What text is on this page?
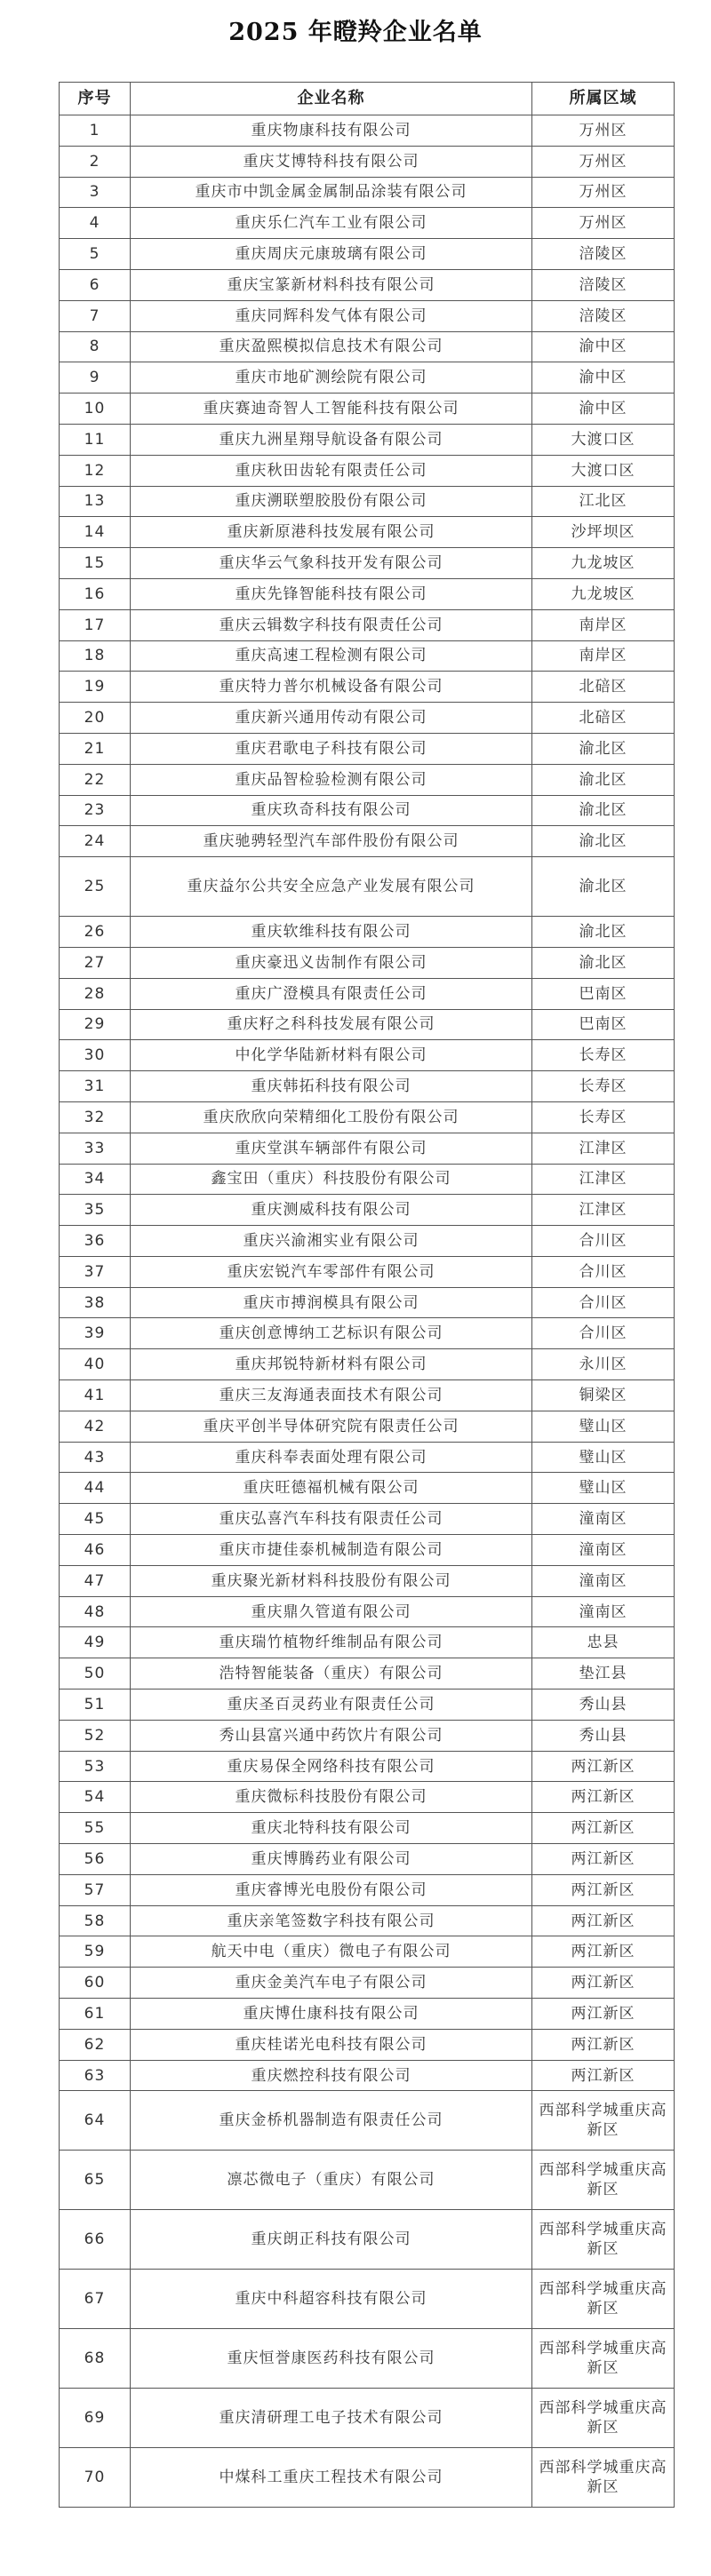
2025 年瞪羚企业名单
序号	企业名称	所属区域
1	重庆物康科技有限公司	万州区
2	重庆艾博特科技有限公司	万州区
3	重庆市中凯金属金属制品涂装有限公司	万州区
4	重庆乐仁汽车工业有限公司	万州区
5	重庆周庆元康玻璃有限公司	涪陵区
6	重庆宝篆新材料科技有限公司	涪陵区
7	重庆同辉科发气体有限公司	涪陵区
8	重庆盈熙模拟信息技术有限公司	渝中区
9	重庆市地矿测绘院有限公司	渝中区
10	重庆赛迪奇智人工智能科技有限公司	渝中区
11	重庆九洲星翔导航设备有限公司	大渡口区
12	重庆秋田齿轮有限责任公司	大渡口区
13	重庆溯联塑胶股份有限公司	江北区
14	重庆新原港科技发展有限公司	沙坪坝区
15	重庆华云气象科技开发有限公司	九龙坡区
16	重庆先锋智能科技有限公司	九龙坡区
17	重庆云辑数字科技有限责任公司	南岸区
18	重庆高速工程检测有限公司	南岸区
19	重庆特力普尔机械设备有限公司	北碚区
20	重庆新兴通用传动有限公司	北碚区
21	重庆君歌电子科技有限公司	渝北区
22	重庆品智检验检测有限公司	渝北区
23	重庆玖奇科技有限公司	渝北区
24	重庆驰骋轻型汽车部件股份有限公司	渝北区
25	重庆益尔公共安全应急产业发展有限公司	渝北区
26	重庆软维科技有限公司	渝北区
27	重庆豪迅义齿制作有限公司	渝北区
28	重庆广澄模具有限责任公司	巴南区
29	重庆籽之科科技发展有限公司	巴南区
30	中化学华陆新材料有限公司	长寿区
31	重庆韩拓科技有限公司	长寿区
32	重庆欣欣向荣精细化工股份有限公司	长寿区
33	重庆堂淇车辆部件有限公司	江津区
34	鑫宝田（重庆）科技股份有限公司	江津区
35	重庆测威科技有限公司	江津区
36	重庆兴渝湘实业有限公司	合川区
37	重庆宏锐汽车零部件有限公司	合川区
38	重庆市搏润模具有限公司	合川区
39	重庆创意博纳工艺标识有限公司	合川区
40	重庆邦锐特新材料有限公司	永川区
41	重庆三友海通表面技术有限公司	铜梁区
42	重庆平创半导体研究院有限责任公司	璧山区
43	重庆科奉表面处理有限公司	璧山区
44	重庆旺德福机械有限公司	璧山区
45	重庆弘喜汽车科技有限责任公司	潼南区
46	重庆市捷佳泰机械制造有限公司	潼南区
47	重庆聚光新材料科技股份有限公司	潼南区
48	重庆鼎久管道有限公司	潼南区
49	重庆瑞竹植物纤维制品有限公司	忠县
50	浩特智能装备（重庆）有限公司	垫江县
51	重庆圣百灵药业有限责任公司	秀山县
52	秀山县富兴通中药饮片有限公司	秀山县
53	重庆易保全网络科技有限公司	两江新区
54	重庆微标科技股份有限公司	两江新区
55	重庆北特科技有限公司	两江新区
56	重庆博腾药业有限公司	两江新区
57	重庆睿博光电股份有限公司	两江新区
58	重庆亲笔签数字科技有限公司	两江新区
59	航天中电（重庆）微电子有限公司	两江新区
60	重庆金美汽车电子有限公司	两江新区
61	重庆博仕康科技有限公司	两江新区
62	重庆桂诺光电科技有限公司	两江新区
63	重庆燃控科技有限公司	两江新区
64	重庆金桥机器制造有限责任公司	西部科学城重庆高新区
65	凛芯微电子（重庆）有限公司	西部科学城重庆高新区
66	重庆朗正科技有限公司	西部科学城重庆高新区
67	重庆中科超容科技有限公司	西部科学城重庆高新区
68	重庆恒誉康医药科技有限公司	西部科学城重庆高新区
69	重庆清研理工电子技术有限公司	西部科学城重庆高新区
70	中煤科工重庆工程技术有限公司	西部科学城重庆高新区
